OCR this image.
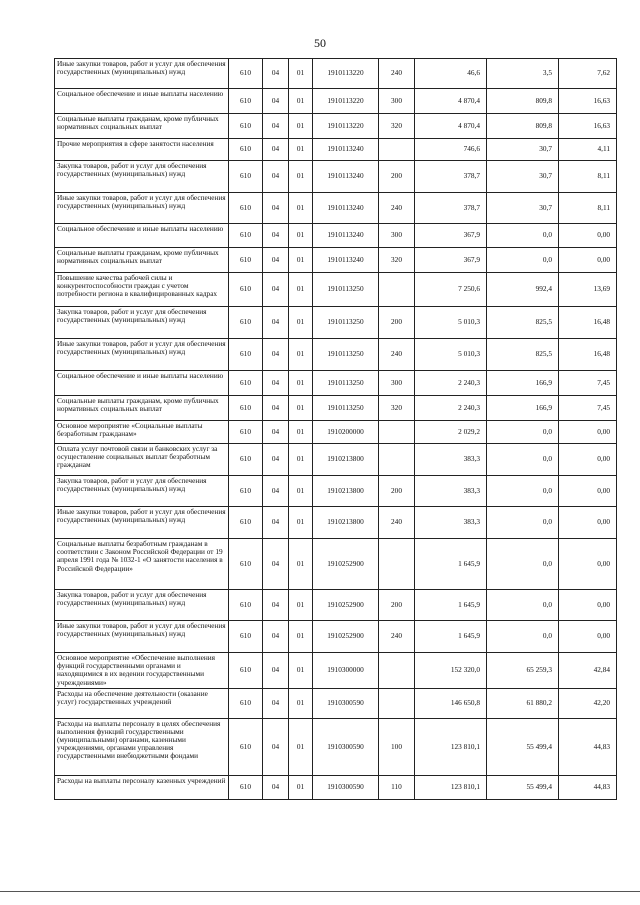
50
Иные закупки товаров, работ и услуг для обеспечения государственных (муниципальных) нужд	610	04	01	1910113220	240	46,6	3,5	7,62
Социальное обеспечение и иные выплаты населению	610	04	01	1910113220	300	4 870,4	809,8	16,63
Социальные выплаты гражданам, кроме публичных нормативных социальных выплат	610	04	01	1910113220	320	4 870,4	809,8	16,63
Прочие мероприятия в сфере занятости населения	610	04	01	1910113240		746,6	30,7	4,11
Закупка товаров, работ и услуг для обеспечения государственных (муниципальных) нужд	610	04	01	1910113240	200	378,7	30,7	8,11
Иные закупки товаров, работ и услуг для обеспечения государственных (муниципальных) нужд	610	04	01	1910113240	240	378,7	30,7	8,11
Социальное обеспечение и иные выплаты населению	610	04	01	1910113240	300	367,9	0,0	0,00
Социальные выплаты гражданам, кроме публичных нормативных социальных выплат	610	04	01	1910113240	320	367,9	0,0	0,00
Повышение качества рабочей силы и конкурентоспособности граждан с учетом потребности региона в квалифицированных кадрах	610	04	01	1910113250		7 250,6	992,4	13,69
Закупка товаров, работ и услуг для обеспечения государственных (муниципальных) нужд	610	04	01	1910113250	200	5 010,3	825,5	16,48
Иные закупки товаров, работ и услуг для обеспечения государственных (муниципальных) нужд	610	04	01	1910113250	240	5 010,3	825,5	16,48
Социальное обеспечение и иные выплаты населению	610	04	01	1910113250	300	2 240,3	166,9	7,45
Социальные выплаты гражданам, кроме публичных нормативных социальных выплат	610	04	01	1910113250	320	2 240,3	166,9	7,45
Основное мероприятие «Социальные выплаты безработным гражданам»	610	04	01	1910200000		2 029,2	0,0	0,00
Оплата услуг почтовой связи и банковских услуг за осуществление социальных выплат безработным гражданам	610	04	01	1910213800		383,3	0,0	0,00
Закупка товаров, работ и услуг для обеспечения государственных (муниципальных) нужд	610	04	01	1910213800	200	383,3	0,0	0,00
Иные закупки товаров, работ и услуг для обеспечения государственных (муниципальных) нужд	610	04	01	1910213800	240	383,3	0,0	0,00
Социальные выплаты безработным гражданам в соответствии с Законом Российской Федерации от 19 апреля 1991 года № 1032-1 «О занятости населения в Российской Федерации»	610	04	01	1910252900		1 645,9	0,0	0,00
Закупка товаров, работ и услуг для обеспечения государственных (муниципальных) нужд	610	04	01	1910252900	200	1 645,9	0,0	0,00
Иные закупки товаров, работ и услуг для обеспечения государственных (муниципальных) нужд	610	04	01	1910252900	240	1 645,9	0,0	0,00
Основное мероприятие «Обеспечение выполнения функций государственными органами и находящимися в их ведении государственными учреждениями»	610	04	01	1910300000		152 320,0	65 259,3	42,84
Расходы на обеспечение деятельности (оказание услуг) государственных учреждений	610	04	01	1910300590		146 650,8	61 880,2	42,20
Расходы на выплаты персоналу в целях обеспечения выполнения функций государственными (муниципальными) органами, казенными учреждениями, органами управления государственными внебюджетными фондами	610	04	01	1910300590	100	123 810,1	55 499,4	44,83
Расходы на выплаты персоналу казенных учреждений	610	04	01	1910300590	110	123 810,1	55 499,4	44,83
